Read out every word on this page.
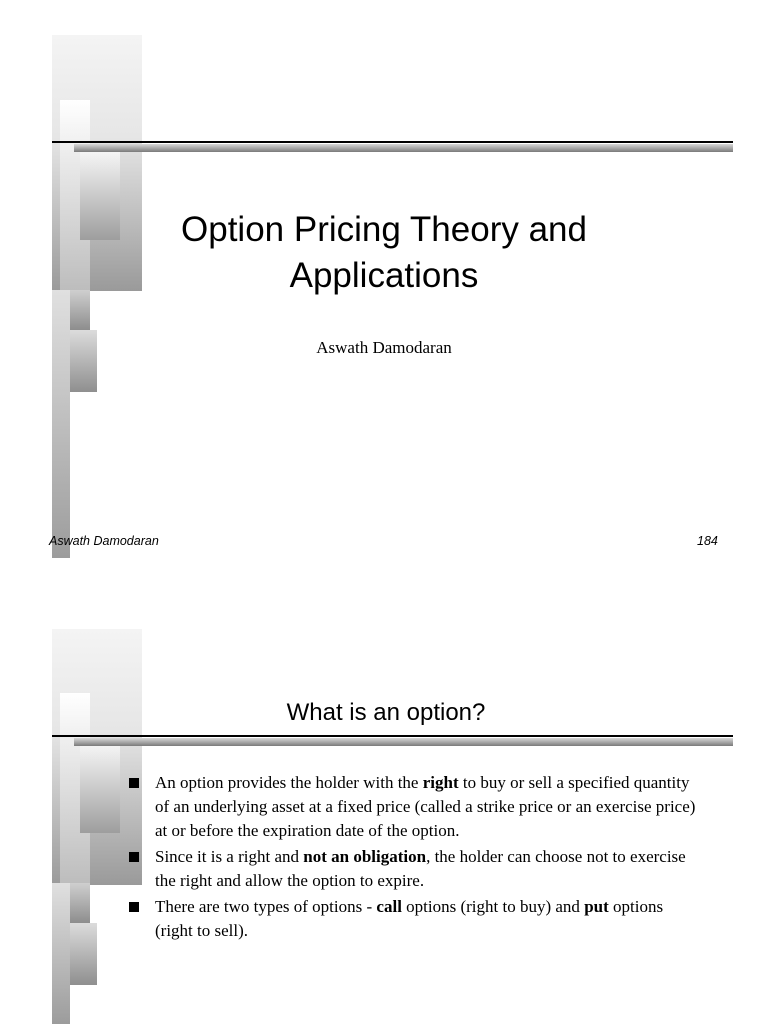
Option Pricing Theory and
Applications
Aswath Damodaran
Aswath Damodaran	184
What is an option?
An option provides the holder with the right to buy or sell a specified quantity of an underlying asset at a fixed price (called a strike price or an exercise price) at or before the expiration date of the option.
Since it is a right and not an obligation, the holder can choose not to exercise the right and allow the option to expire.
There are two types of options - call options (right to buy) and put options (right to sell).
